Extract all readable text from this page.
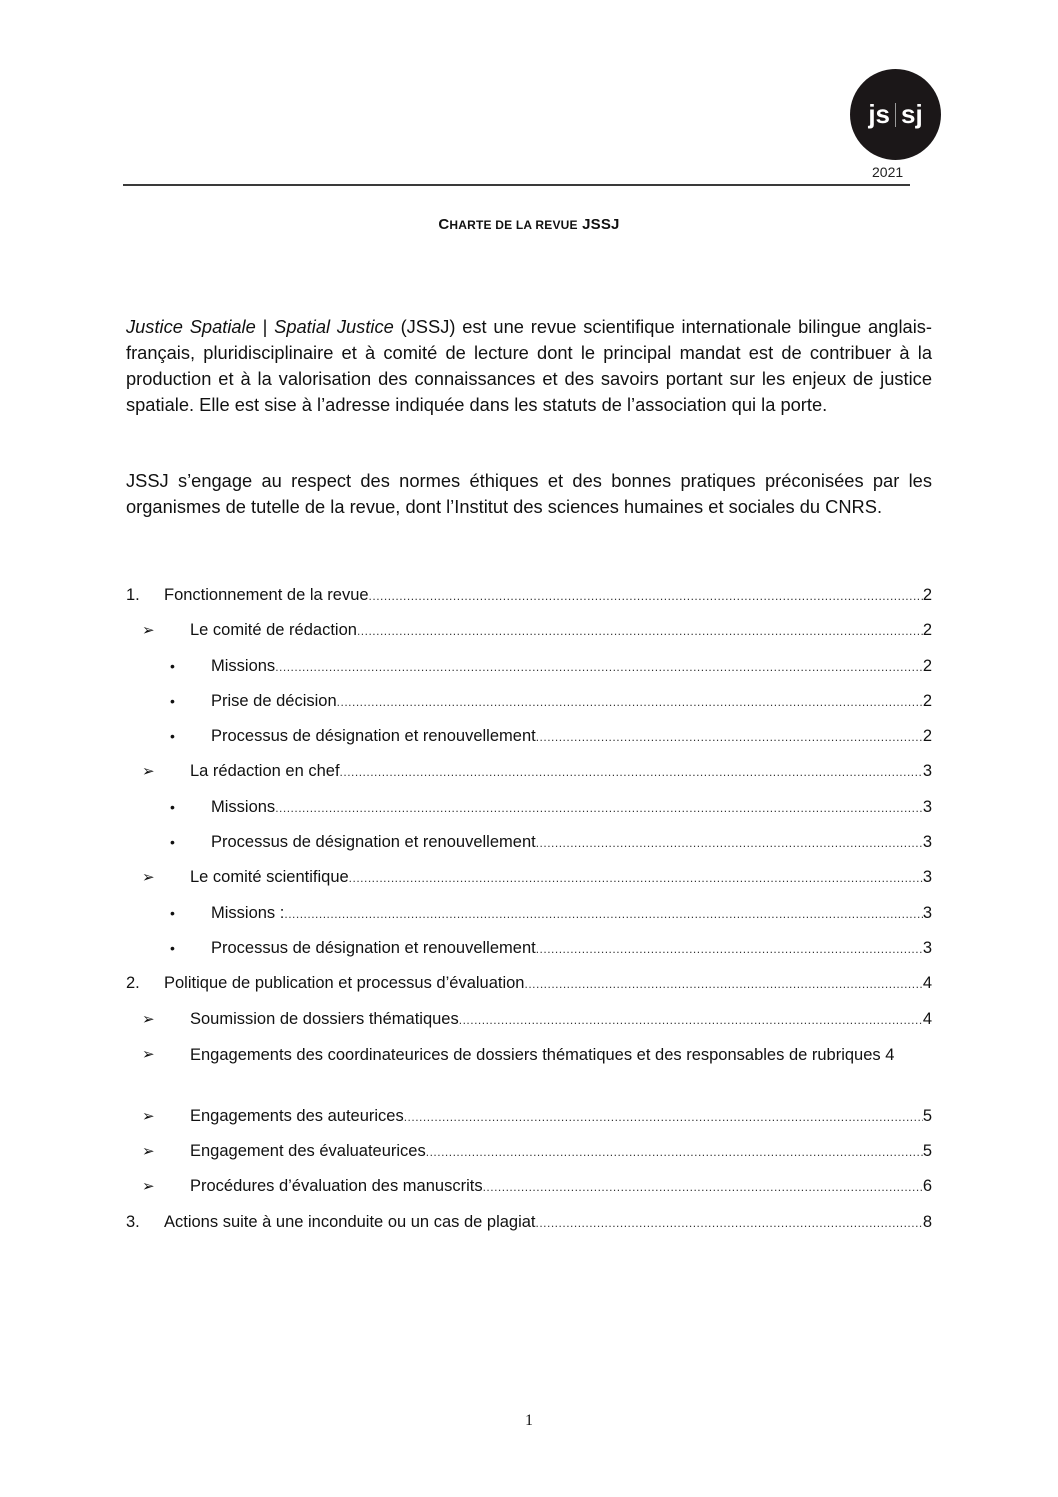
js sj
2021
CHARTE DE LA REVUE JSSJ
Justice Spatiale | Spatial Justice (JSSJ) est une revue scientifique internationale bilingue anglais-français, pluridisciplinaire et à comité de lecture dont le principal mandat est de contribuer à la production et à la valorisation des connaissances et des savoirs portant sur les enjeux de justice spatiale. Elle est sise à l’adresse indiquée dans les statuts de l’association qui la porte.
JSSJ s’engage au respect des normes éthiques et des bonnes pratiques préconisées par les organismes de tutelle de la revue, dont l’Institut des sciences humaines et sociales du CNRS.
1. Fonctionnement de la revue .....	2
➢ Le comité de rédaction .....	2
• Missions .....	2
• Prise de décision .....	2
• Processus de désignation et renouvellement .....	2
➢ La rédaction en chef .....	3
• Missions .....	3
• Processus de désignation et renouvellement .....	3
➢ Le comité scientifique .....	3
• Missions : .....	3
• Processus de désignation et renouvellement .....	3
2. Politique de publication et processus d’évaluation .....	4
➢ Soumission de dossiers thématiques .....	4
➢ Engagements des coordinateurices de dossiers thématiques et des responsables de rubriques 4
➢ Engagements des auteurices .....	5
➢ Engagement des évaluateurices .....	5
➢ Procédures d’évaluation des manuscrits .....	6
3. Actions suite à une inconduite ou un cas de plagiat .....	8
1
